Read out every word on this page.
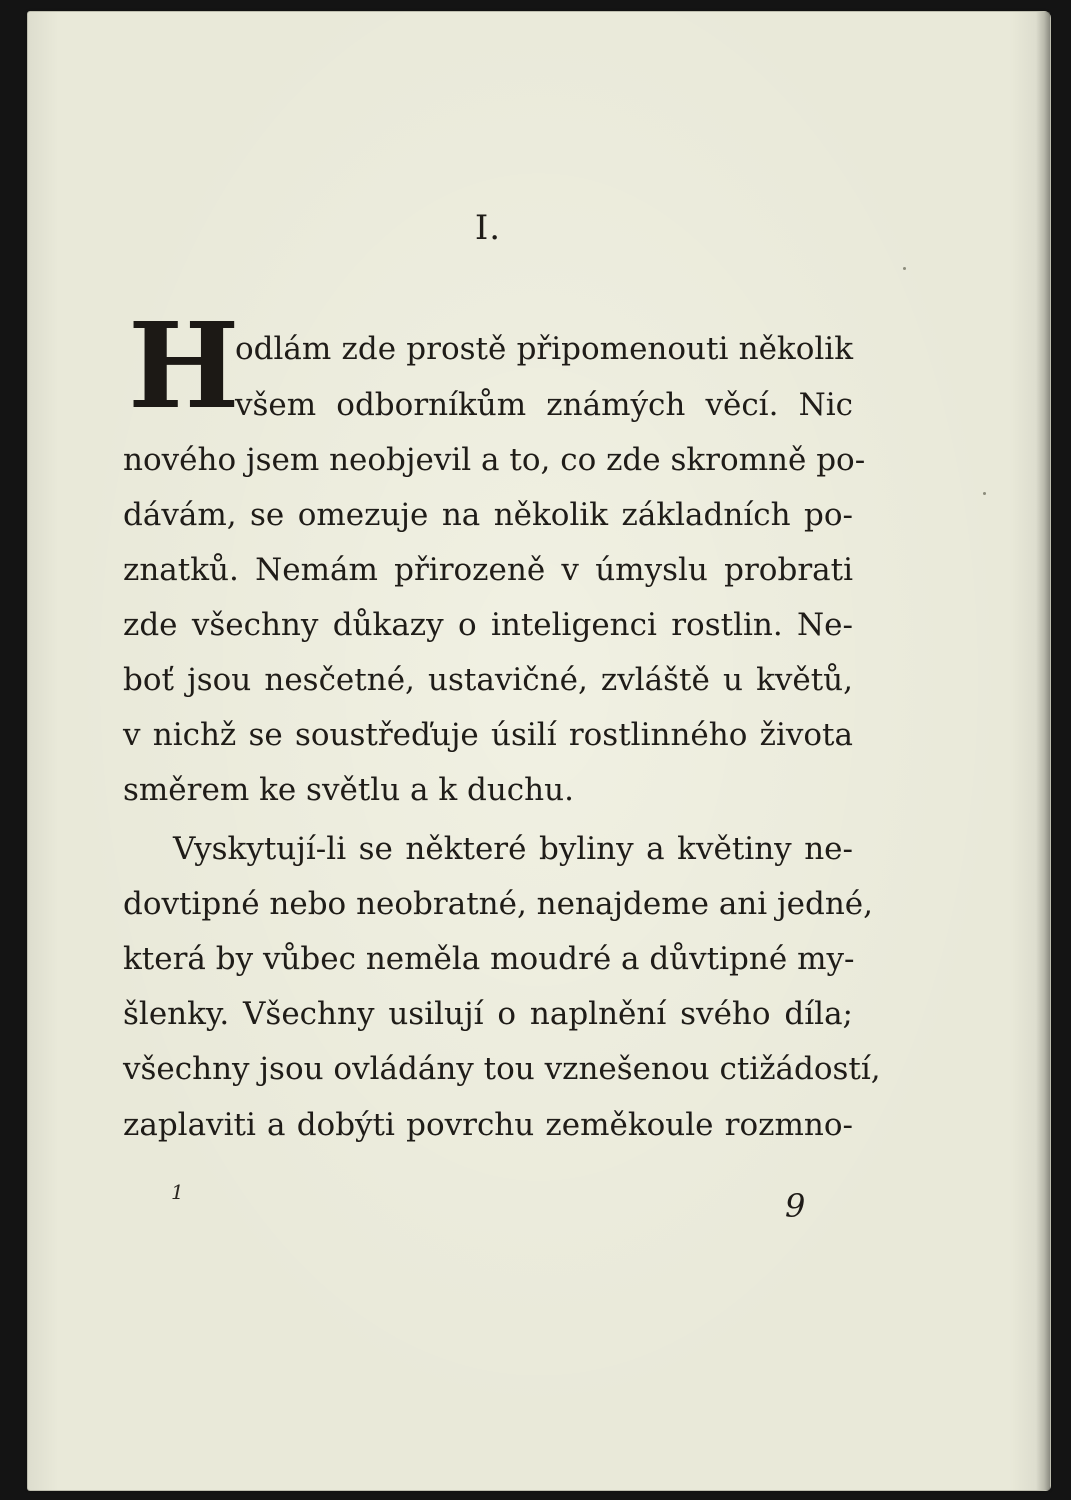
I.
H
odlám zde prostě připomenouti několik
všem odborníkům známých věcí. Nic
nového jsem neobjevil a to, co zde skromně po-
dávám, se omezuje na několik základních po-
znatků. Nemám přirozeně v úmyslu probrati
zde všechny důkazy o inteligenci rostlin. Ne-
boť jsou nesčetné, ustavičné, zvláště u květů,
v nichž se soustřeďuje úsilí rostlinného života
směrem ke světlu a k duchu.
Vyskytují-li se některé byliny a květiny ne-
dovtipné nebo neobratné, nenajdeme ani jedné,
která by vůbec neměla moudré a důvtipné my-
šlenky. Všechny usilují o naplnění svého díla;
všechny jsou ovládány tou vznešenou ctižádostí,
zaplaviti a dobýti povrchu zeměkoule rozmno-
1	9
